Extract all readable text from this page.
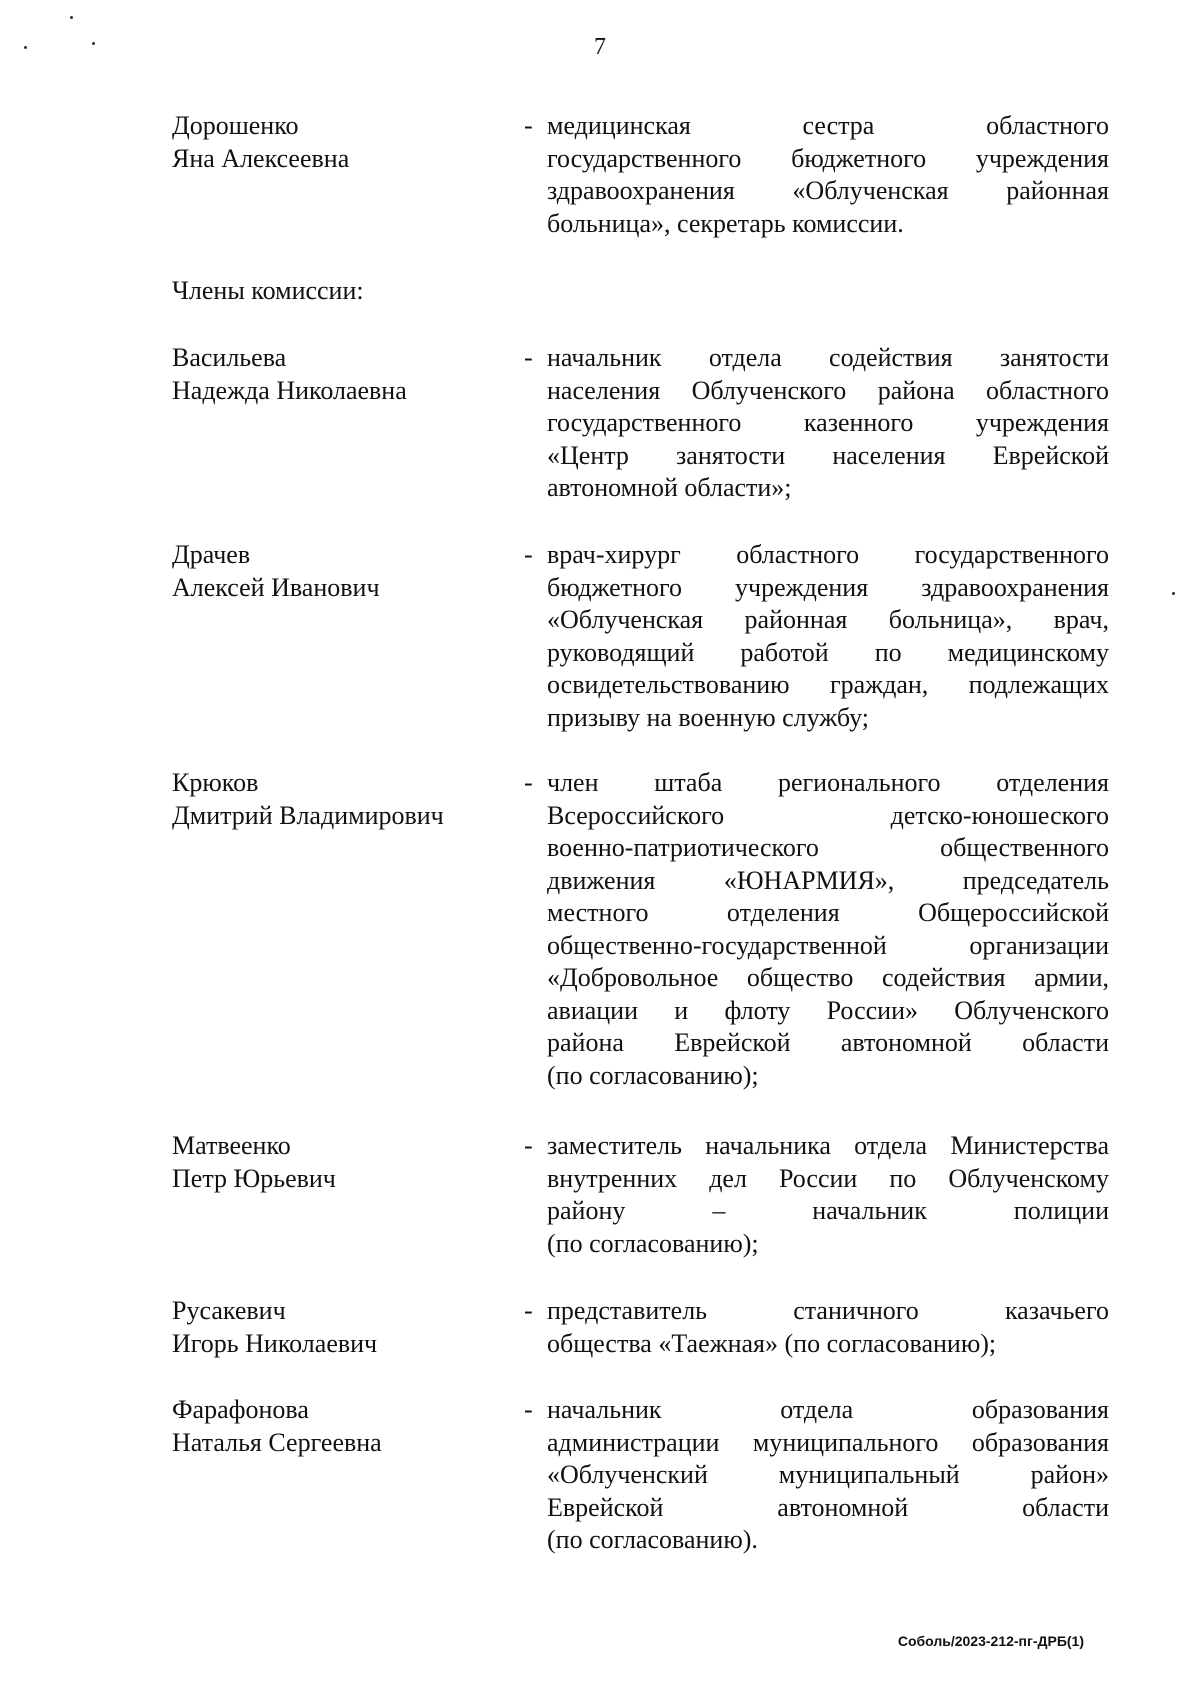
7
Дорошенко
Яна Алексеевна
- медицинская сестра областного
государственного бюджетного учреждения
здравоохранения «Облученская районная
больница», секретарь комиссии.
Члены комиссии:
Васильева
Надежда Николаевна
- начальник отдела содействия занятости
населения Облученского района областного
государственного казенного учреждения
«Центр занятости населения Еврейской
автономной области»;
Драчев
Алексей Иванович
- врач-хирург областного государственного
бюджетного учреждения здравоохранения
«Облученская районная больница», врач,
руководящий работой по медицинскому
освидетельствованию граждан, подлежащих
призыву на военную службу;
Крюков
Дмитрий Владимирович
- член штаба регионального отделения
Всероссийского детско-юношеского
военно-патриотического общественного
движения «ЮНАРМИЯ», председатель
местного отделения Общероссийской
общественно-государственной организации
«Добровольное общество содействия армии,
авиации и флоту России» Облученского
района Еврейской автономной области
(по согласованию);
Матвеенко
Петр Юрьевич
- заместитель начальника отдела Министерства
внутренних дел России по Облученскому
району – начальник полиции
(по согласованию);
Русакевич
Игорь Николаевич
- представитель станичного казачьего
общества «Таежная» (по согласованию);
Фарафонова
Наталья Сергеевна
- начальник отдела образования
администрации муниципального образования
«Облученский муниципальный район»
Еврейской автономной области
(по согласованию).
Соболь/2023-212-пг-ДРБ(1)
